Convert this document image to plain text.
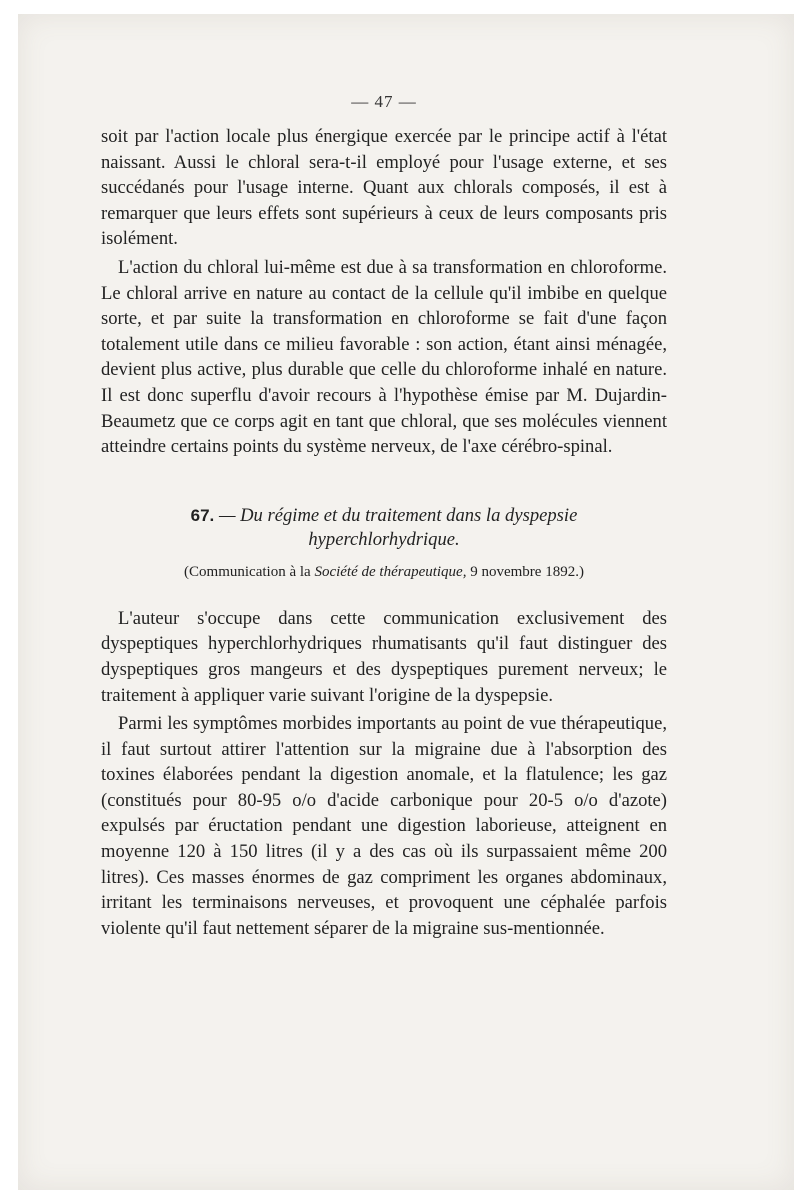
— 47 —

soit par l'action locale plus énergique exercée par le principe actif à l'état naissant. Aussi le chloral sera-t-il employé pour l'usage externe, et ses succédanés pour l'usage interne. Quant aux chlorals composés, il est à remarquer que leurs effets sont supérieurs à ceux de leurs composants pris isolément.

L'action du chloral lui-même est due à sa transformation en chloroforme. Le chloral arrive en nature au contact de la cellule qu'il imbibe en quelque sorte, et par suite la transformation en chloroforme se fait d'une façon totalement utile dans ce milieu favorable : son action, étant ainsi ménagée, devient plus active, plus durable que celle du chloroforme inhalé en nature. Il est donc superflu d'avoir recours à l'hypothèse émise par M. Dujardin-Beaumetz que ce corps agit en tant que chloral, que ses molécules viennent atteindre certains points du système nerveux, de l'axe cérébro-spinal.

67. — Du régime et du traitement dans la dyspepsie

hyperchlorhydrique.

(Communication à la Société de thérapeutique, 9 novembre 1892.)

L'auteur s'occupe dans cette communication exclusivement des dyspeptiques hyperchlorhydriques rhumatisants qu'il faut distinguer des dyspeptiques gros mangeurs et des dyspeptiques purement nerveux; le traitement à appliquer varie suivant l'origine de la dyspepsie.

Parmi les symptômes morbides importants au point de vue thérapeutique, il faut surtout attirer l'attention sur la migraine due à l'absorption des toxines élaborées pendant la digestion anomale, et la flatulence; les gaz (constitués pour 80-95 o/o d'acide carbonique pour 20-5 o/o d'azote) expulsés par éructation pendant une digestion laborieuse, atteignent en moyenne 120 à 150 litres (il y a des cas où ils surpassaient même 200 litres). Ces masses énormes de gaz compriment les organes abdominaux, irritant les terminaisons nerveuses, et provoquent une céphalée parfois violente qu'il faut nettement séparer de la migraine sus-mentionnée.
